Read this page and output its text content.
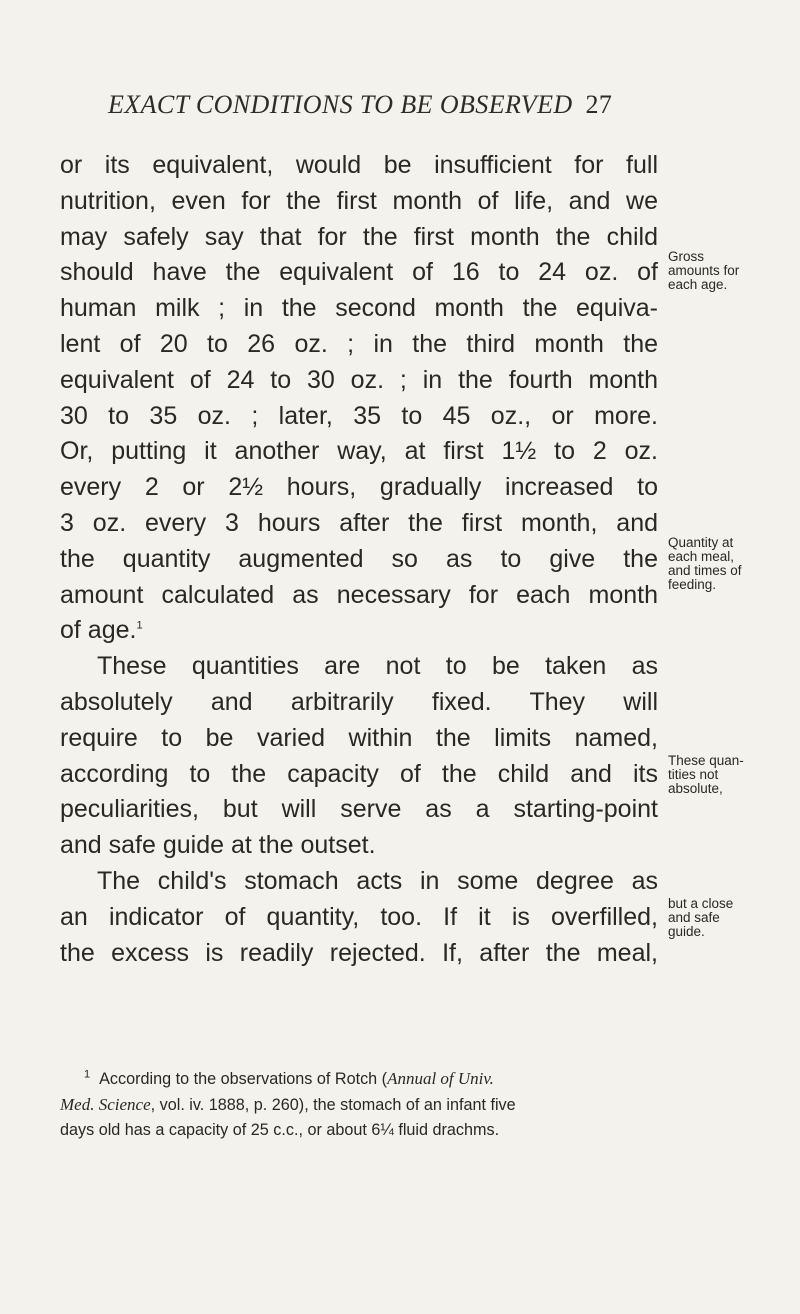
EXACT CONDITIONS TO BE OBSERVED 27
or its equivalent, would be insufficient for full
nutrition, even for the first month of life, and we
may safely say that for the first month the child
should have the equivalent of 16 to 24 oz. of
human milk ; in the second month the equiva-
lent of 20 to 26 oz. ; in the third month the
equivalent of 24 to 30 oz. ; in the fourth month
30 to 35 oz. ; later, 35 to 45 oz., or more.
Or, putting it another way, at first 1½ to 2 oz.
every 2 or 2½ hours, gradually increased to
3 oz. every 3 hours after the first month, and
the quantity augmented so as to give the
amount calculated as necessary for each month
of age.$^1$
These quantities are not to be taken as
absolutely and arbitrarily fixed. They will
require to be varied within the limits named,
according to the capacity of the child and its
peculiarities, but will serve as a starting-point
and safe guide at the outset.
The child's stomach acts in some degree as
an indicator of quantity, too. If it is overfilled,
the excess is readily rejected. If, after the meal,
Gross
amounts for
each age.
Quantity at
each meal,
and times of
feeding.
These quan-
tities not
absolute,
but a close
and safe
guide.
$^1$ According to the observations of Rotch (Annual of Univ.
Med. Science, vol. iv. 1888, p. 260), the stomach of an infant five
days old has a capacity of 25 c.c., or about 6¼ fluid drachms.
